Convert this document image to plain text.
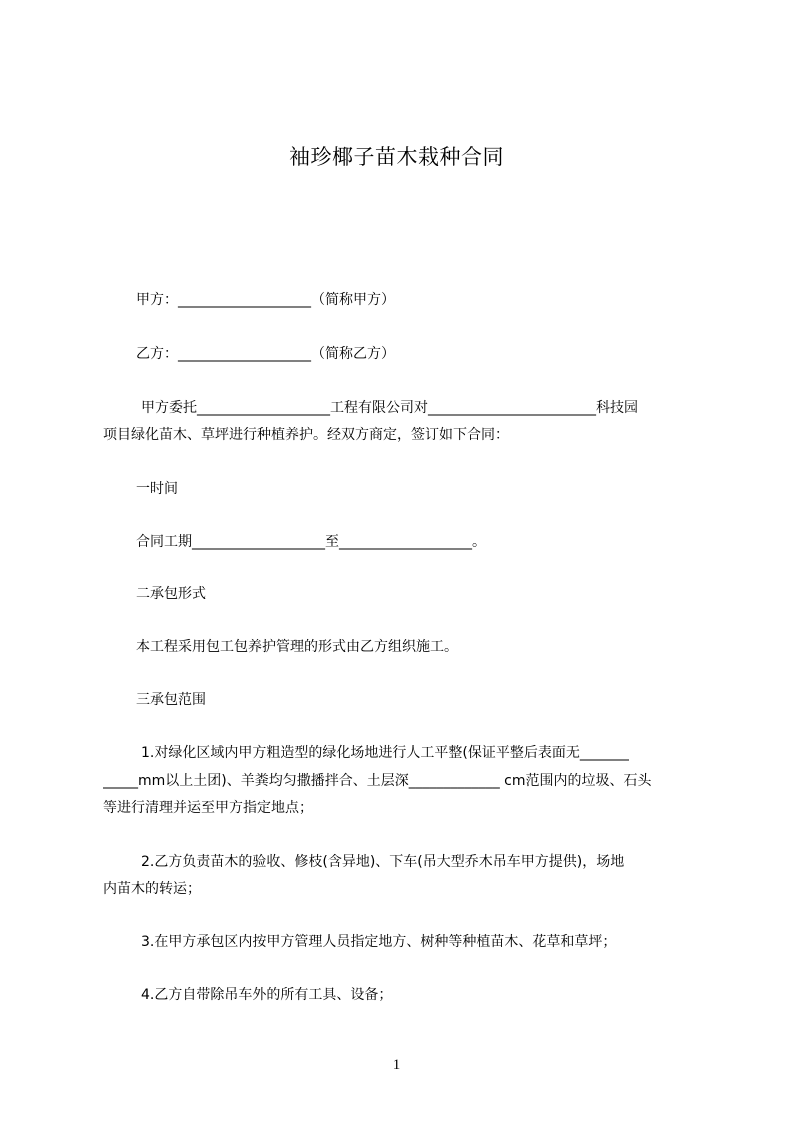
袖珍椰子苗木栽种合同
甲方：___________________（简称甲方）
乙方：___________________（简称乙方）
甲方委托___________________工程有限公司对________________________科技园
项目绿化苗木、草坪进行种植养护。经双方商定，签订如下合同：
一时间
合同工期___________________至___________________。
二承包形式
本工程采用包工包养护管理的形式由乙方组织施工。
三承包范围
1.对绿化区域内甲方粗造型的绿化场地进行人工平整(保证平整后表面无_______
_____mm以上土团)、羊粪均匀撒播拌合、土层深_____________ cm范围内的垃圾、石头
等进行清理并运至甲方指定地点；
2.乙方负责苗木的验收、修枝(含异地)、下车(吊大型乔木吊车甲方提供)，场地
内苗木的转运；
3.在甲方承包区内按甲方管理人员指定地方、树种等种植苗木、花草和草坪；
4.乙方自带除吊车外的所有工具、设备；
1
